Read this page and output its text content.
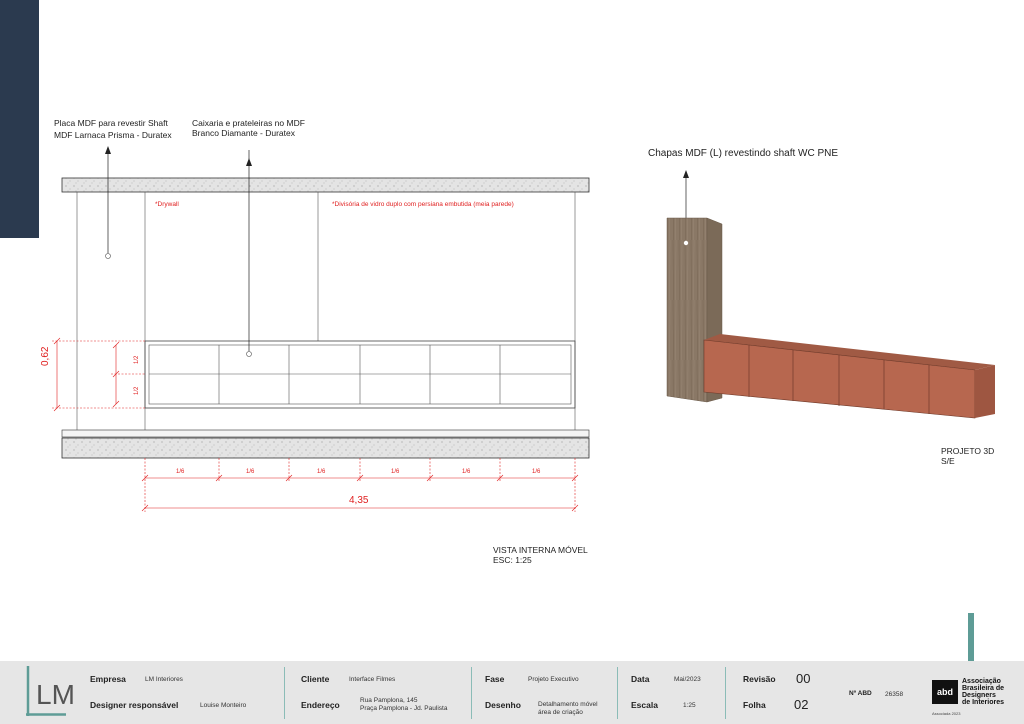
Placa MDF para revestir Shaft
MDF Larnaca Prisma - Duratex
Caixaria e prateleiras no MDF
Branco Diamante - Duratex
*Drywall	*Divisória de vidro duplo com persiana embutida (meia parede)
Chapas MDF (L) revestindo shaft WC PNE
0,62	1/2
1/2
1/6	1/6	1/6	1/6	1/6	1/6
4,35
VISTA INTERNA MÓVEL
ESC: 1:25
PROJETO 3D
S/E
LM Empresa	LM Interiores
Designer responsável	Louise Monteiro
Cliente	Interface Filmes
Endereço	Rua Pamplona, 145
Praça Pamplona - Jd. Paulista
Fase	Projeto Executivo
Desenho	Detalhamento móvel
área de criação
Data	Mai/2023
Escala	1:25
Revisão 00
Folha 02
Nº ABD 26358	abd
Associação
Brasileira de
Designers
de Interiores
Associada 2023
